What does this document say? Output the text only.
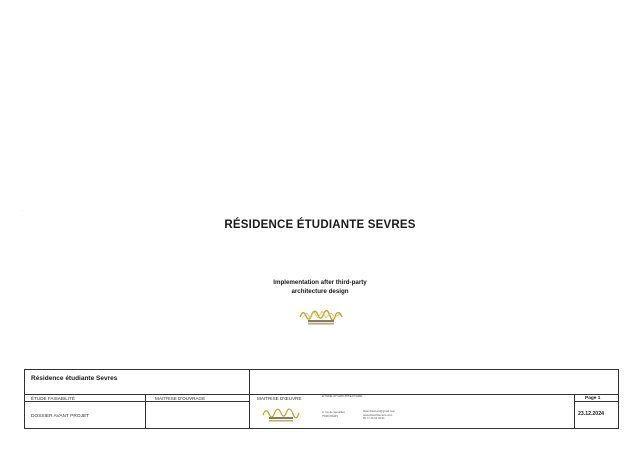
.
RÉSIDENCE ÉTUDIANTE SEVRES
Implementation after third-party
architecture design
Résidence étudiante Sevres
ÉTUDE FAISABILITÉ	MAITRISE D'OUVRAGE	MAITRISE D'ŒUVRE
DOSSIER AVANT PROJET
ÉTUDE AH ARCHITECTURE
4, rue de Versailles
75000 PARIS
tbtarchitecture@gmail.com
www.tbtarchitecture.com
06 77 46 02 03 01
Page 1
23.12.2024
